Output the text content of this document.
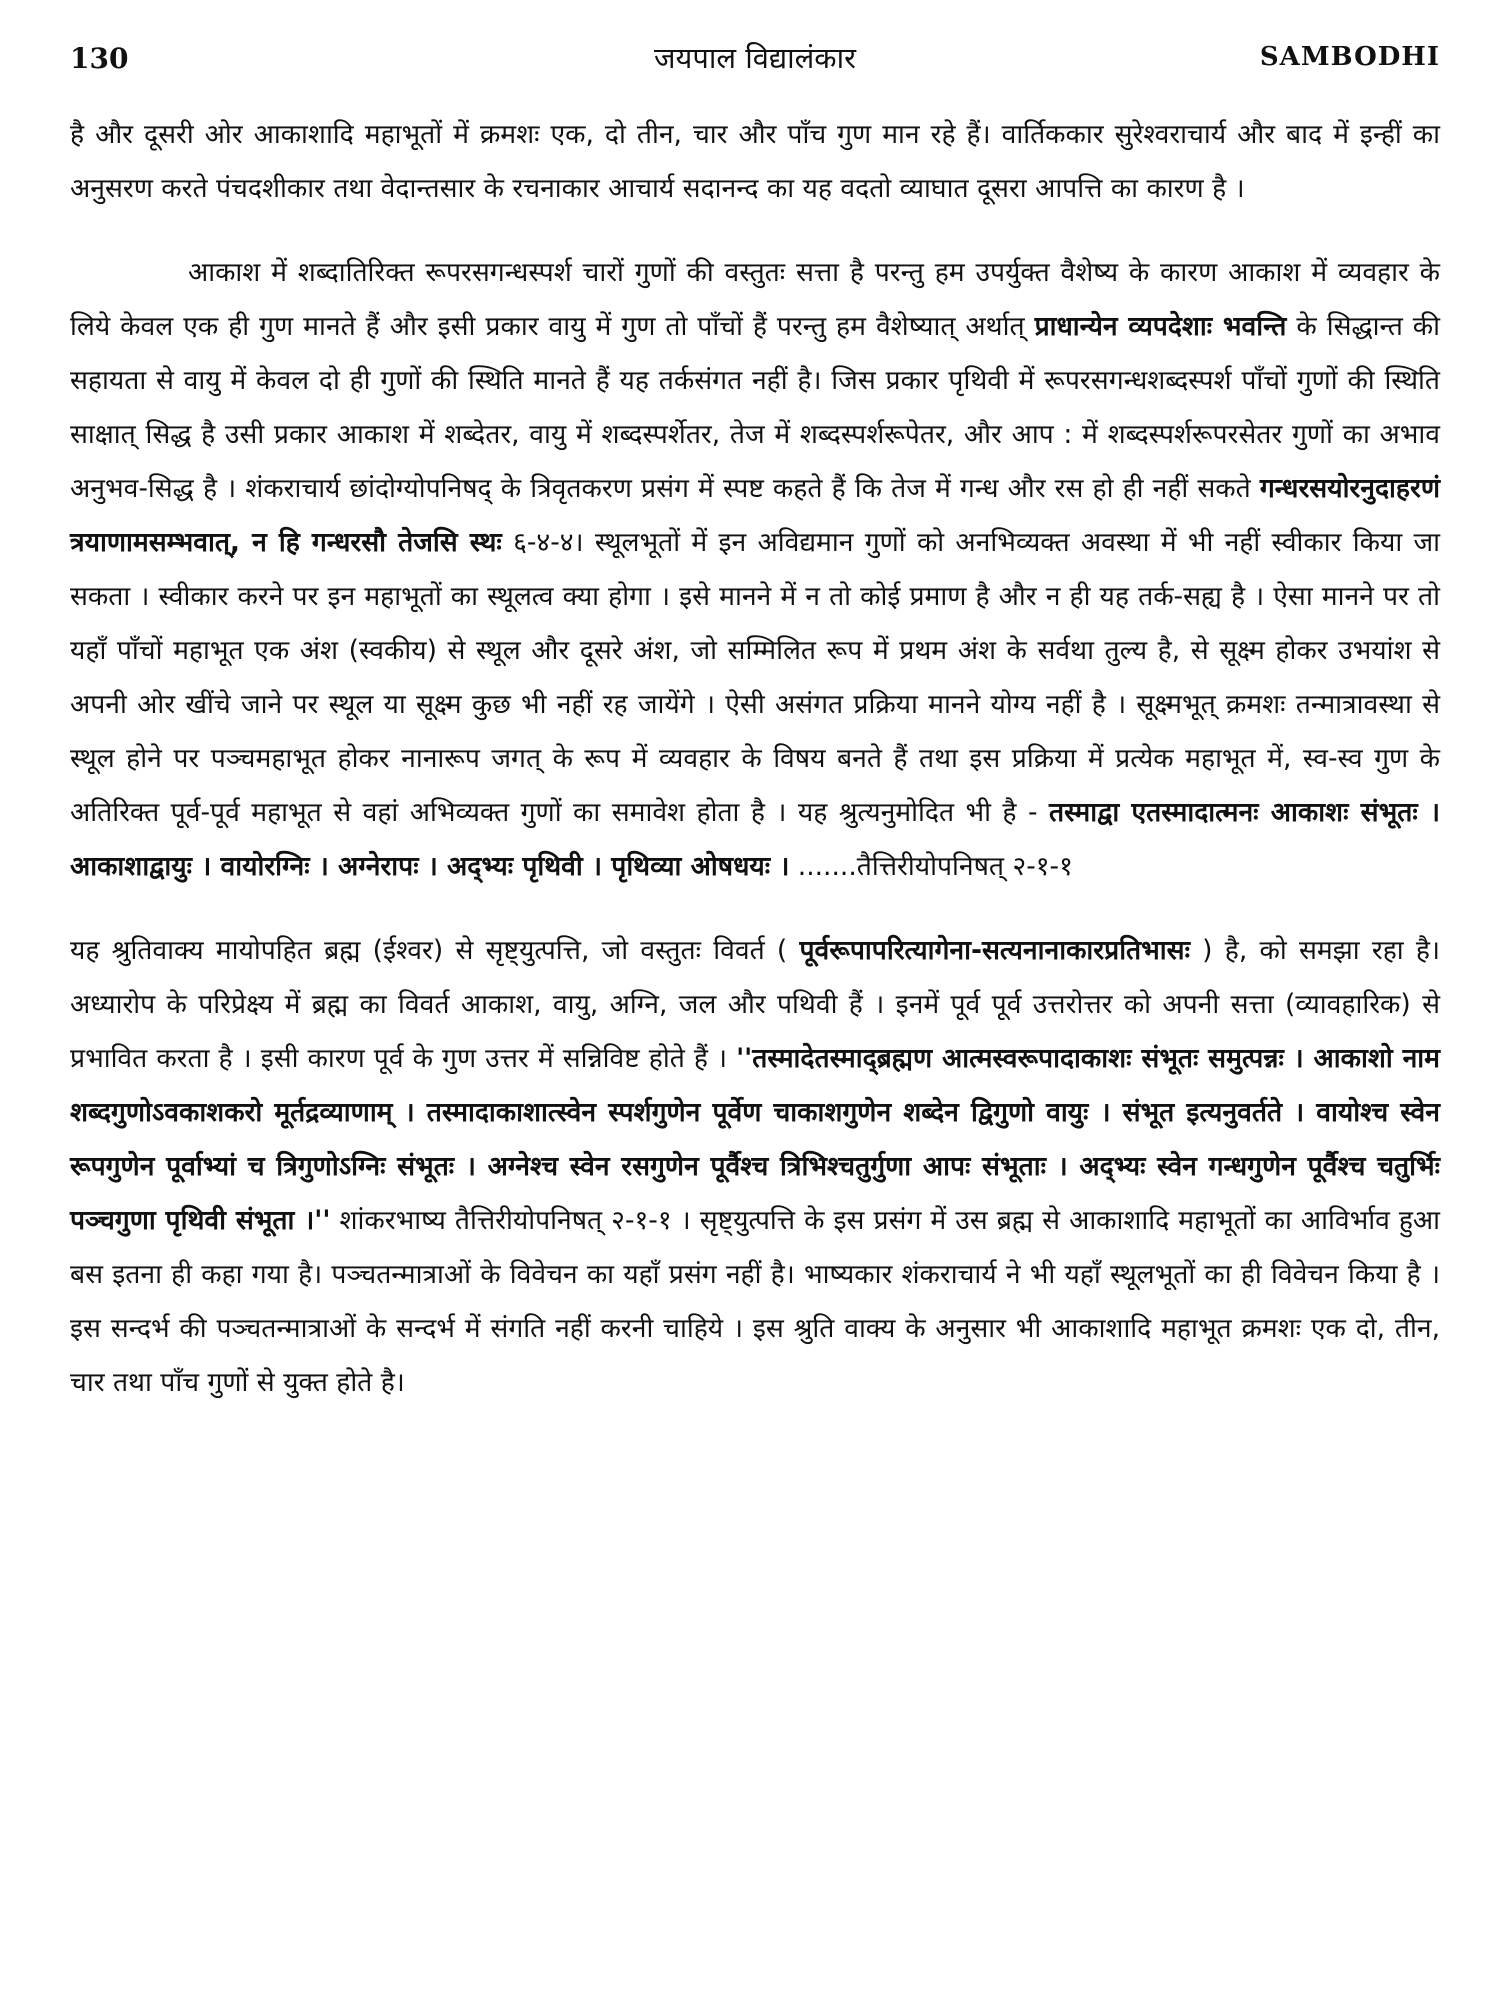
130	जयपाल विद्यालंकार	SAMBODHI

है और दूसरी ओर आकाशादि महाभूतों में क्रमशः एक, दो तीन, चार और पाँच गुण मान रहे हैं। वार्तिककार सुरेश्वराचार्य और बाद में इन्हीं का अनुसरण करते पंचदशीकार तथा वेदान्तसार के रचनाकार आचार्य सदानन्द का यह वदतो व्याघात दूसरा आपत्ति का कारण है ।

आकाश में शब्दातिरिक्त रूपरसगन्धस्पर्श चारों गुणों की वस्तुतः सत्ता है परन्तु हम उपर्युक्त वैशेष्य के कारण आकाश में व्यवहार के लिये केवल एक ही गुण मानते हैं और इसी प्रकार वायु में गुण तो पाँचों हैं परन्तु हम वैशेष्यात् अर्थात् प्राधान्येन व्यपदेशाः भवन्ति के सिद्धान्त की सहायता से वायु में केवल दो ही गुणों की स्थिति मानते हैं यह तर्कसंगत नहीं है। जिस प्रकार पृथिवी में रूपरसगन्धशब्दस्पर्श पाँचों गुणों की स्थिति साक्षात् सिद्ध है उसी प्रकार आकाश में शब्देतर, वायु में शब्दस्पर्शेतर, तेज में शब्दस्पर्शरूपेतर, और आप : में शब्दस्पर्शरूपरसेतर गुणों का अभाव अनुभव-सिद्ध है । शंकराचार्य छांदोग्योपनिषद् के त्रिवृतकरण प्रसंग में स्पष्ट कहते हैं कि तेज में गन्ध और रस हो ही नहीं सकते गन्धरसयोरनुदाहरणं त्रयाणामसम्भवात्, न हि गन्धरसौ तेजसि स्थः ६-४-४। स्थूलभूतों में इन अविद्यमान गुणों को अनभिव्यक्त अवस्था में भी नहीं स्वीकार किया जा सकता । स्वीकार करने पर इन महाभूतों का स्थूलत्व क्या होगा । इसे मानने में न तो कोई प्रमाण है और न ही यह तर्क-सह्य है । ऐसा मानने पर तो यहाँ पाँचों महाभूत एक अंश (स्वकीय) से स्थूल और दूसरे अंश, जो सम्मिलित रूप में प्रथम अंश के सर्वथा तुल्य है, से सूक्ष्म होकर उभयांश से अपनी ओर खींचे जाने पर स्थूल या सूक्ष्म कुछ भी नहीं रह जायेंगे । ऐसी असंगत प्रक्रिया मानने योग्य नहीं है । सूक्ष्मभूत् क्रमशः तन्मात्रावस्था से स्थूल होने पर पञ्चमहाभूत होकर नानारूप जगत् के रूप में व्यवहार के विषय बनते हैं तथा इस प्रक्रिया में प्रत्येक महाभूत में, स्व-स्व गुण के अतिरिक्त पूर्व-पूर्व महाभूत से वहां अभिव्यक्त गुणों का समावेश होता है । यह श्रुत्यनुमोदित भी है - तस्माद्वा एतस्मादात्मनः आकाशः संभूतः । आकाशाद्वायुः । वायोरग्निः । अग्नेरापः । अद्भ्यः पृथिवी । पृथिव्या ओषधयः । .......तैत्तिरीयोपनिषत् २-१-१

यह श्रुतिवाक्य मायोपहित ब्रह्म (ईश्वर) से सृष्ट्युत्पत्ति, जो वस्तुतः विवर्त ( पूर्वरूपापरित्यागेना-सत्यनानाकारप्रतिभासः ) है, को समझा रहा है। अध्यारोप के परिप्रेक्ष्य में ब्रह्म का विवर्त आकाश, वायु, अग्नि, जल और पथिवी हैं । इनमें पूर्व पूर्व उत्तरोत्तर को अपनी सत्ता (व्यावहारिक) से प्रभावित करता है । इसी कारण पूर्व के गुण उत्तर में सन्निविष्ट होते हैं । ''तस्मादेतस्माद्ब्रह्मण आत्मस्वरूपादाकाशः संभूतः समुत्पन्नः । आकाशो नाम शब्दगुणोऽवकाशकरो मूर्तद्रव्याणाम् । तस्मादाकाशात्स्वेन स्पर्शगुणेन पूर्वेण चाकाशगुणेन शब्देन द्विगुणो वायुः । संभूत इत्यनुवर्तते । वायोश्च स्वेन रूपगुणेन पूर्वाभ्यां च त्रिगुणोऽग्निः संभूतः । अग्नेश्च स्वेन रसगुणेन पूर्वैश्च त्रिभिश्चतुर्गुणा आपः संभूताः । अद्भ्यः स्वेन गन्धगुणेन पूर्वैश्च चतुर्भिः पञ्चगुणा पृथिवी संभूता ।'' शांकरभाष्य तैत्तिरीयोपनिषत् २-१-१ । सृष्ट्युत्पत्ति के इस प्रसंग में उस ब्रह्म से आकाशादि महाभूतों का आविर्भाव हुआ बस इतना ही कहा गया है। पञ्चतन्मात्राओं के विवेचन का यहाँ प्रसंग नहीं है। भाष्यकार शंकराचार्य ने भी यहाँ स्थूलभूतों का ही विवेचन किया है । इस सन्दर्भ की पञ्चतन्मात्राओं के सन्दर्भ में संगति नहीं करनी चाहिये । इस श्रुति वाक्य के अनुसार भी आकाशादि महाभूत क्रमशः एक दो, तीन, चार तथा पाँच गुणों से युक्त होते है।
